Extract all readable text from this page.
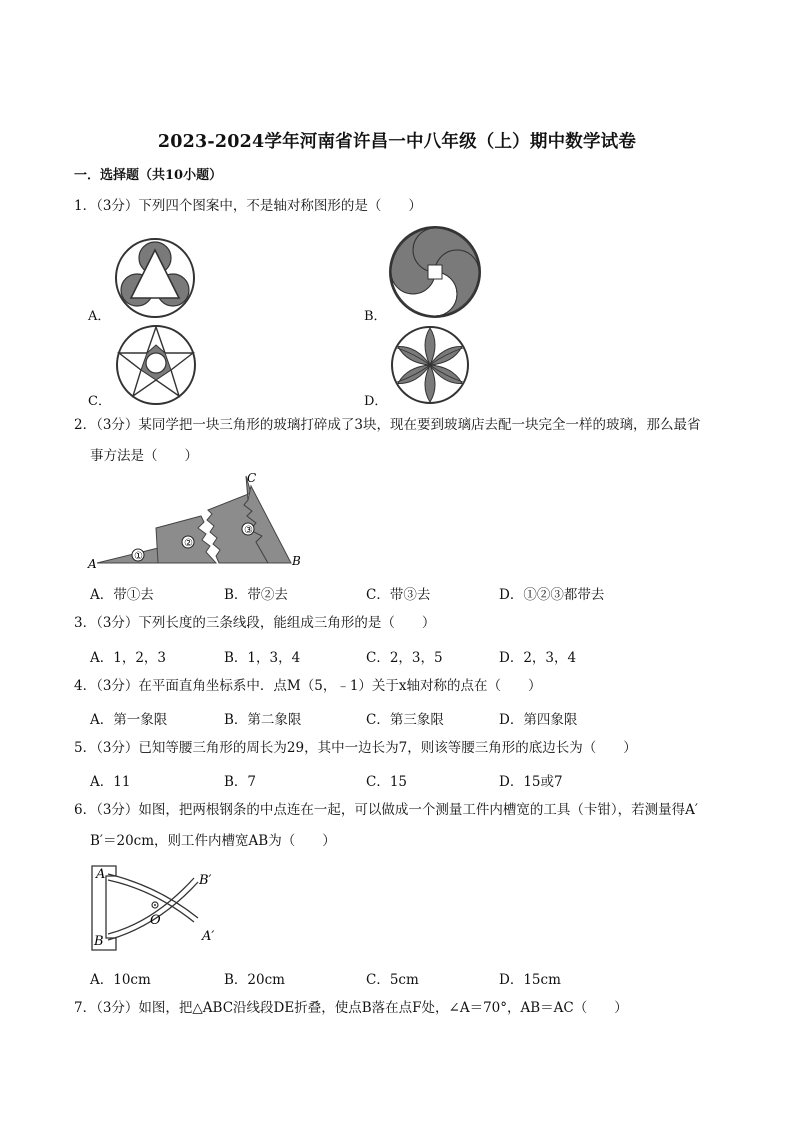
2023-2024学年河南省许昌一中八年级（上）期中数学试卷
一．选择题（共10小题）
1．（3分）下列四个图案中，不是轴对称图形的是（　　）
A．	B．
C．	D．
2．（3分）某同学把一块三角形的玻璃打碎成了3块，现在要到玻璃店去配一块完全一样的玻璃，那么最省
事方法是（　　）
①
②
③
A	B
C
A．带①去	B．带②去	C．带③去	D．①②③都带去
3．（3分）下列长度的三条线段，能组成三角形的是（　　）
A．1，2，3	B．1，3，4	C．2，3，5	D．2，3，4
4．（3分）在平面直角坐标系中．点M（5，﹣1）关于x轴对称的点在（　　）
A．第一象限	B．第二象限	C．第三象限	D．第四象限
5．（3分）已知等腰三角形的周长为29，其中一边长为7，则该等腰三角形的底边长为（　　）
A．11	B．7	C．15	D．15或7
6．（3分）如图，把两根钢条的中点连在一起，可以做成一个测量工件内槽宽的工具（卡钳），若测量得A′
B′＝20cm，则工件内槽宽AB为（　　）
A
B
O
B′
A′
A．10cm	B．20cm	C．5cm	D．15cm
7．（3分）如图，把△ABC沿线段DE折叠，使点B落在点F处，∠A＝70°，AB＝AC（　　）
